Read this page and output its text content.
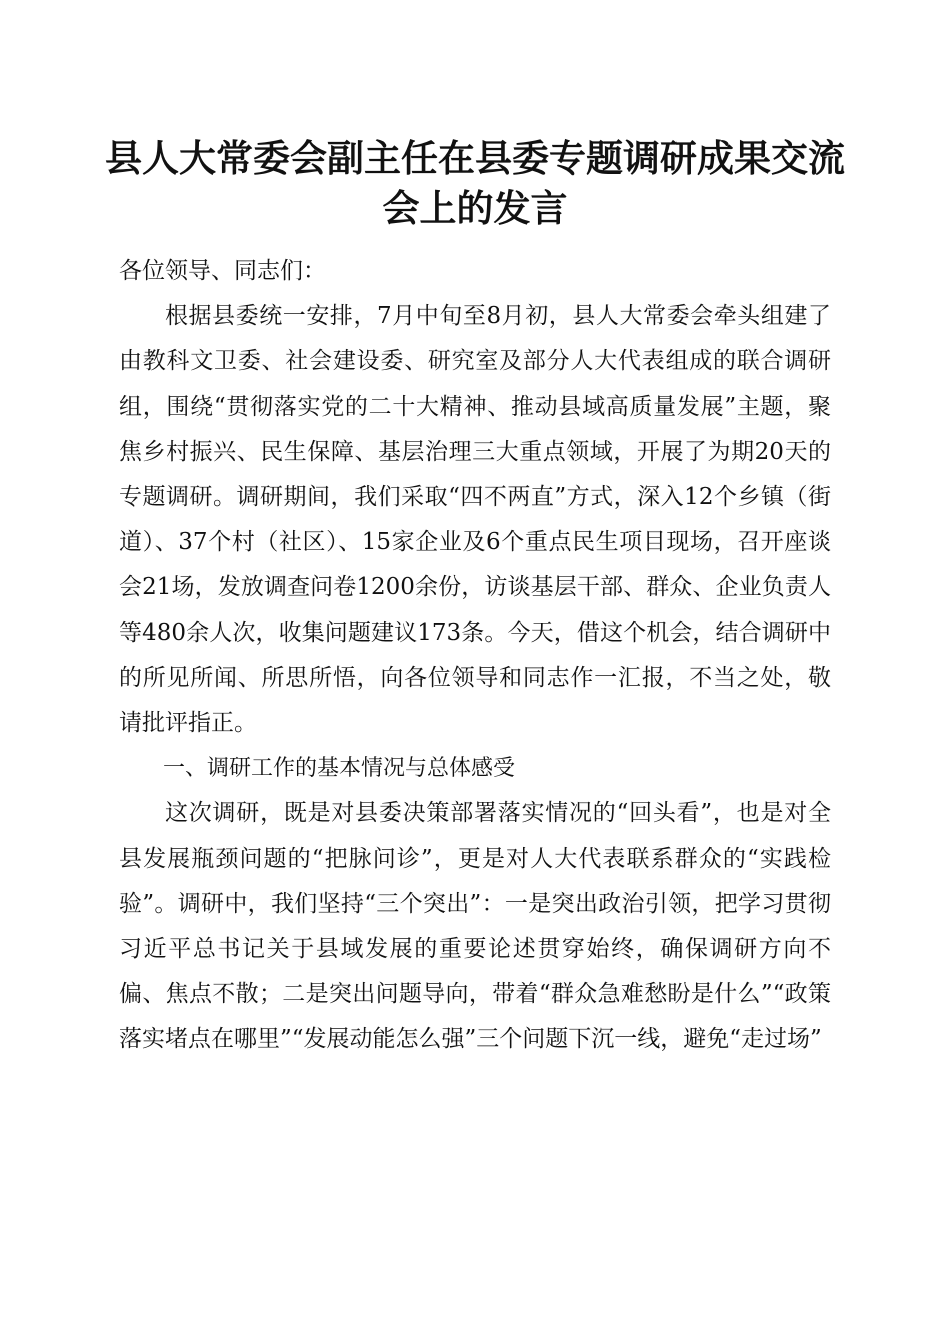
县人大常委会副主任在县委专题调研成果交流
会上的发言

各位领导、同志们：

根据县委统一安排，7月中旬至8月初，县人大常委会牵头组建了由教科文卫委、社会建设委、研究室及部分人大代表组成的联合调研组，围绕“贯彻落实党的二十大精神、推动县域高质量发展”主题，聚焦乡村振兴、民生保障、基层治理三大重点领域，开展了为期20天的专题调研。调研期间，我们采取“四不两直”方式，深入12个乡镇（街道）、37个村（社区）、15家企业及6个重点民生项目现场，召开座谈会21场，发放调查问卷1200余份，访谈基层干部、群众、企业负责人等480余人次，收集问题建议173条。今天，借这个机会，结合调研中的所见所闻、所思所悟，向各位领导和同志作一汇报，不当之处，敬请批评指正。

一、调研工作的基本情况与总体感受

这次调研，既是对县委决策部署落实情况的“回头看”，也是对全县发展瓶颈问题的“把脉问诊”，更是对人大代表联系群众的“实践检验”。调研中，我们坚持“三个突出”：一是突出政治引领，把学习贯彻习近平总书记关于县域发展的重要论述贯穿始终，确保调研方向不偏、焦点不散；二是突出问题导向，带着“群众急难愁盼是什么”“政策落实堵点在哪里”“发展动能怎么强”三个问题下沉一线，避免“走过场”
